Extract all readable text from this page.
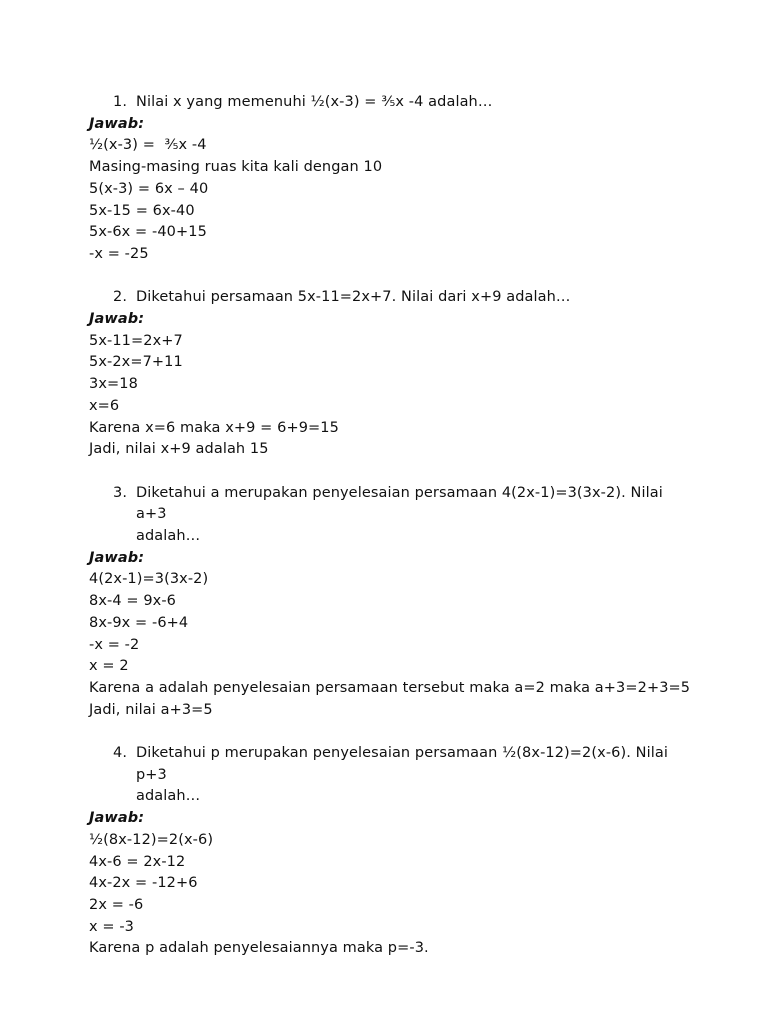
1. Nilai x yang memenuhi ½(x-3) = ⅗x -4 adalah…
Jawab:
½(x-3) =  ⅗x -4
Masing-masing ruas kita kali dengan 10
5(x-3) = 6x – 40
5x-15 = 6x-40
5x-6x = -40+15
-x = -25
2. Diketahui persamaan 5x-11=2x+7. Nilai dari x+9 adalah…
Jawab:
5x-11=2x+7
5x-2x=7+11
3x=18
x=6
Karena x=6 maka x+9 = 6+9=15
Jadi, nilai x+9 adalah 15
3. Diketahui a merupakan penyelesaian persamaan 4(2x-1)=3(3x-2). Nilai a+3
adalah…
Jawab:
4(2x-1)=3(3x-2)
8x-4 = 9x-6
8x-9x = -6+4
-x = -2
x = 2
Karena a adalah penyelesaian persamaan tersebut maka a=2 maka a+3=2+3=5
Jadi, nilai a+3=5
4. Diketahui p merupakan penyelesaian persamaan ½(8x-12)=2(x-6). Nilai p+3
adalah…
Jawab:
½(8x-12)=2(x-6)
4x-6 = 2x-12
4x-2x = -12+6
2x = -6
x = -3
Karena p adalah penyelesaiannya maka p=-3.
